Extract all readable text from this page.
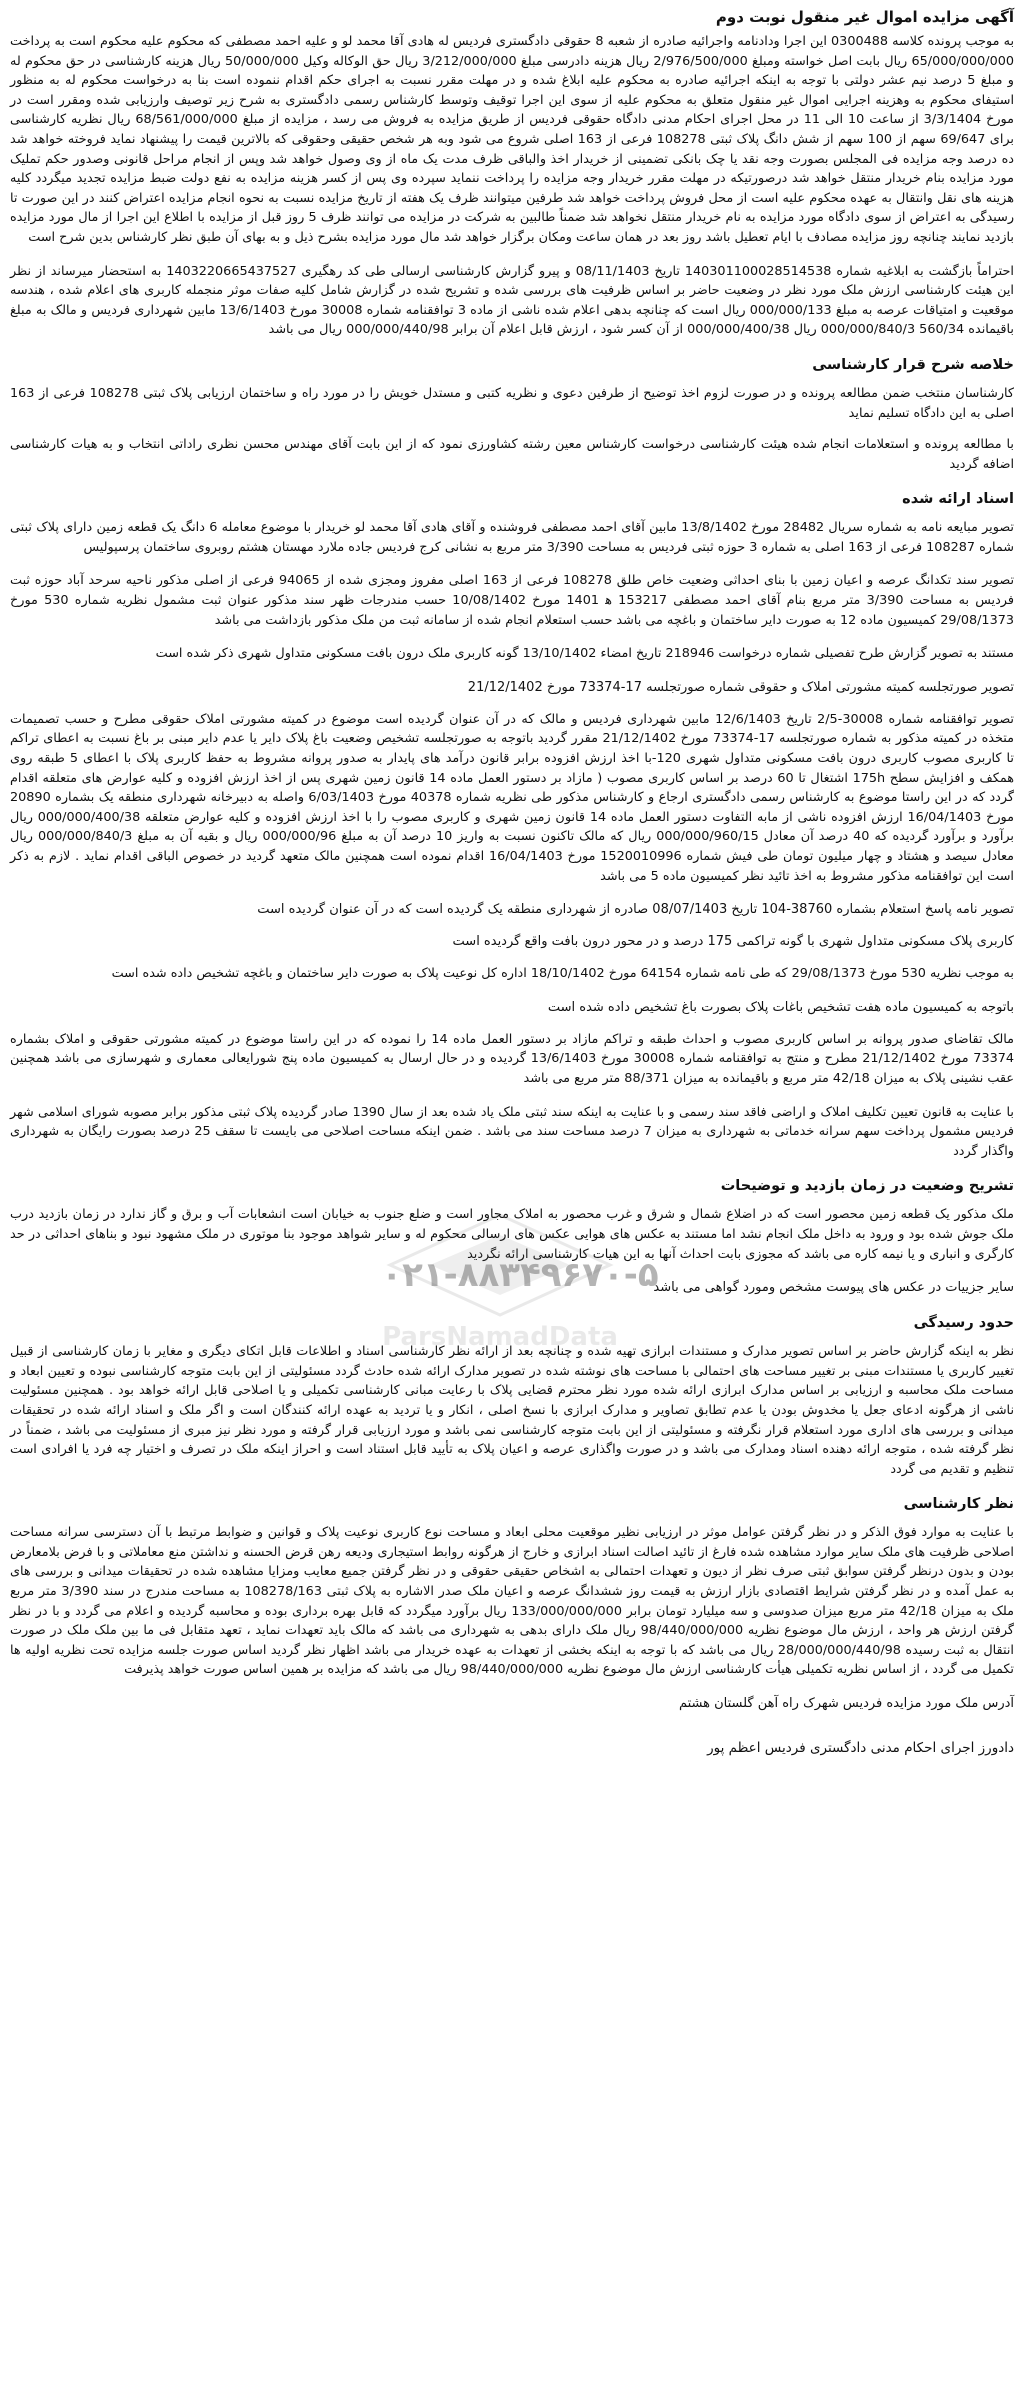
آگهی مزایده اموال غیر منقول نوبت دوم
به موجب پرونده کلاسه 0300488 این اجرا ودادنامه واجرائیه صادره از شعبه 8 حقوقی دادگستری فردیس له هادی آقا محمد لو و علیه احمد مصطفی که محکوم علیه محکوم است به پرداخت 65/000/000/000 ریال بابت اصل خواسته ومبلغ 2/976/500/000 ریال هزینه دادرسی مبلغ 3/212/000/000 ریال حق الوکاله وکیل 50/000/000 ریال هزینه کارشناسی در حق محکوم له و مبلغ 5 درصد نیم عشر دولتی با توجه به اینکه اجرائیه صادره به محکوم علیه ابلاغ شده و در مهلت مقرر نسبت به اجرای حکم اقدام ننموده است بنا به درخواست محکوم له به منظور استیفای محکوم به وهزینه اجرایی اموال غیر منقول متعلق به محکوم علیه از سوی این اجرا توقیف وتوسط کارشناس رسمی دادگستری به شرح زیر توصیف وارزیابی شده ومقرر است در مورخ 3/3/1404 از ساعت 10 الی 11 در محل اجرای احکام مدنی دادگاه حقوقی فردیس از طریق مزایده به فروش می رسد ، مزایده از مبلغ 68/561/000/000 ریال نظریه کارشناسی برای 69/647 سهم از 100 سهم از شش دانگ پلاک ثبتی 108278 فرعی از 163 اصلی شروع می شود وبه هر شخص حقیقی وحقوقی که بالاترین قیمت را پیشنهاد نماید فروخته خواهد شد ده درصد وجه مزایده فی المجلس بصورت وجه نقد یا چک بانکی تضمینی از خریدار اخذ والباقی ظرف مدت یک ماه از وی وصول خواهد شد وپس از انجام مراحل قانونی وصدور حکم تملیک مورد مزایده بنام خریدار منتقل خواهد شد درصورتیکه در مهلت مقرر خریدار وجه مزایده را پرداخت ننماید سپرده وی پس از کسر هزینه مزایده به نفع دولت ضبط مزایده تجدید میگردد کلیه هزینه های نقل وانتقال به عهده محکوم علیه است از محل فروش پرداخت خواهد شد طرفین میتوانند ظرف یک هفته از تاریخ مزایده نسبت به نحوه انجام مزایده اعتراض کنند در این صورت تا رسیدگی به اعتراض از سوی دادگاه مورد مزایده به نام خریدار منتقل نخواهد شد ضمناً طالبین به شرکت در مزایده می توانند ظرف 5 روز قبل از مزایده با اطلاع این اجرا از مال مورد مزایده بازدید نمایند چنانچه روز مزایده مصادف با ایام تعطیل باشد روز بعد در همان ساعت ومکان برگزار خواهد شد مال مورد مزایده بشرح ذیل و به بهای آن طبق نظر کارشناس بدین شرح است
احتراماً بازگشت به ابلاغیه شماره 140301100028514538 تاریخ 08/11/1403 و پیرو گزارش کارشناسی ارسالی طی کد رهگیری 1403220665437527 به استحضار میرساند از نظر این هیئت کارشناسی ارزش ملک مورد نظر در وضعیت حاضر بر اساس ظرفیت های بررسی شده و تشریح شده در گزارش شامل کلیه صفات موثر منجمله کاربری های اعلام شده ، هندسه موقعیت و امتیاقات عرصه به مبلغ 000/000/133 ریال است که چنانچه بدهی اعلام شده ناشی از ماده 3 توافقنامه شماره 30008 مورخ 13/6/1403 مابین شهرداری فردیس و مالک به مبلغ باقیمانده 560/34 000/000/840/3 ریال 000/000/400/38 از آن کسر شود ، ارزش قابل اعلام آن برابر 000/000/440/98 ریال می باشد
خلاصه شرح قرار کارشناسی
کارشناسان منتخب ضمن مطالعه پرونده و در صورت لزوم اخذ توضیح از طرفین دعوی و نظریه کتبی و مستدل خویش را در مورد راه و ساختمان ارزیابی پلاک ثبتی 108278 فرعی از 163 اصلی به این دادگاه تسلیم نماید
با مطالعه پرونده و استعلامات انجام شده هیئت کارشناسی درخواست کارشناس معین رشته کشاورزی نمود که از این بابت آقای مهندس محسن نظری راداتی انتخاب و به هیات کارشناسی اضافه گردید
اسناد ارائه شده
تصویر مبایعه نامه به شماره سریال 28482 مورخ 13/8/1402 مابین آقای احمد مصطفی فروشنده و آقای هادی آقا محمد لو خریدار با موضوع معامله 6 دانگ یک قطعه زمین دارای پلاک ثبتی شماره 108287 فرعی از 163 اصلی به شماره 3 حوزه ثبتی فردیس به مساحت 3/390 متر مربع به نشانی کرج فردیس جاده ملارد مهستان هشتم روبروی ساختمان پرسپولیس
تصویر سند تکدانگ عرصه و اعیان زمین با بنای احداثی وضعیت خاص طلق 108278 فرعی از 163 اصلی مفروز ومجزی شده از 94065 فرعی از اصلی مذکور ناحیه سرحد آباد حوزه ثبت فردیس به مساحت 3/390 متر مربع بنام آقای احمد مصطفی 153217 ه‍ 1401 مورخ 10/08/1402 حسب مندرجات ظهر سند مذکور عنوان ثبت مشمول نظریه شماره 530 مورخ 29/08/1373 کمیسیون ماده 12 به صورت دایر ساختمان و باغچه می باشد حسب استعلام انجام شده از سامانه ثبت من ملک مذکور بازداشت می باشد
مستند به تصویر گزارش طرح تفصیلی شماره درخواست 218946 تاریخ امضاء 13/10/1402 گونه کاربری ملک درون بافت مسکونی متداول شهری ذکر شده است
تصویر صورتجلسه کمیته مشورتی املاک و حقوقی شماره صورتجلسه 17-73374 مورخ 21/12/1402
تصویر توافقنامه شماره 30008-2/5 تاریخ 12/6/1403 مابین شهرداری فردیس و مالک که در آن عنوان گردیده است موضوع در کمیته مشورتی املاک حقوقی مطرح و حسب تصمیمات متخذه در کمیته مذکور به شماره صورتجلسه 17-73374 مورخ 21/12/1402 مقرر گردید باتوجه به صورتجلسه تشخیص وضعیت باغ پلاک دایر یا عدم دایر مبنی بر باغ نسبت به اعطای تراکم تا کاربری مصوب کاربری درون بافت مسکونی متداول شهری 120-با اخذ ارزش افزوده برابر قانون درآمد های پایدار به صدور پروانه مشروط به حفظ کاربری پلاک با اعطای 5 طبقه روی همکف و افزایش سطح 175h اشتغال تا 60 درصد بر اساس کاربری مصوب ( مازاد بر دستور العمل ماده 14 قانون زمین شهری پس از اخذ ارزش افزوده و کلیه عوارض های متعلقه اقدام گردد که در این راستا موضوع به کارشناس رسمی دادگستری ارجاع و کارشناس مذکور طی نظریه شماره 40378 مورخ 6/03/1403 واصله به دبیرخانه شهرداری منطقه یک بشماره 20890 مورخ 16/04/1403 ارزش افزوده ناشی از مابه التفاوت دستور العمل ماده 14 قانون زمین شهری و کاربری مصوب را با اخذ ارزش افزوده و کلیه عوارض متعلقه 000/000/400/38 ریال برآورد و برآورد گردیده که 40 درصد آن معادل 000/000/960/15 ریال که مالک تاکنون نسبت به واریز 10 درصد آن به مبلغ 000/000/96 ریال و بقیه آن به مبلغ 000/000/840/3 ریال معادل سیصد و هشتاد و چهار میلیون تومان طی فیش شماره 1520010996 مورخ 16/04/1403 اقدام نموده است همچنین مالک متعهد گردید در خصوص الباقی اقدام نماید . لازم به ذکر است این توافقنامه مذکور مشروط به اخذ تائید نظر کمیسیون ماده 5 می باشد
تصویر نامه پاسخ استعلام بشماره 38760-104 تاریخ 08/07/1403 صادره از شهرداری منطقه یک گردیده است که در آن عنوان گردیده است
کاربری پلاک مسکونی متداول شهری با گونه تراکمی 175 درصد و در محور درون بافت واقع گردیده است
به موجب نظریه 530 مورخ 29/08/1373 که طی نامه شماره 64154 مورخ 18/10/1402 اداره کل نوعیت پلاک به صورت دایر ساختمان و باغچه تشخیص داده شده است
باتوجه به کمیسیون ماده هفت تشخیص باغات پلاک بصورت باغ تشخیص داده شده است
مالک تقاضای صدور پروانه بر اساس کاربری مصوب و احداث طبقه و تراکم مازاد بر دستور العمل ماده 14 را نموده که در این راستا موضوع در کمیته مشورتی حقوقی و املاک بشماره 73374 مورخ 21/12/1402 مطرح و منتج به توافقنامه شماره 30008 مورخ 13/6/1403 گردیده و در حال ارسال به کمیسیون ماده پنج شورایعالی معماری و شهرسازی می باشد همچنین عقب نشینی پلاک به میزان 42/18 متر مربع و باقیمانده به میزان 88/371 متر مربع می باشد
با عنایت به قانون تعیین تکلیف املاک و اراضی فاقد سند رسمی و با عنایت به اینکه سند ثبتی ملک یاد شده بعد از سال 1390 صادر گردیده پلاک ثبتی مذکور برابر مصوبه شورای اسلامی شهر فردیس مشمول پرداخت سهم سرانه خدماتی به شهرداری به میزان 7 درصد مساحت سند می باشد . ضمن اینکه مساحت اصلاحی می بایست تا سقف 25 درصد بصورت رایگان به شهرداری واگذار گردد
تشریح وضعیت در زمان بازدید و توضیحات
ملک مذکور یک قطعه زمین محصور است که در اضلاع شمال و شرق و غرب محصور به املاک مجاور است و ضلع جنوب به خیابان است انشعابات آب و برق و گاز ندارد در زمان بازدید درب ملک جوش شده بود و ورود به داخل ملک انجام نشد اما مستند به عکس های هوایی عکس های ارسالی محکوم له و سایر شواهد موجود بنا موتوری در ملک مشهود نبود و بناهای احداثی در حد کارگری و انباری و یا نیمه کاره می باشد که مجوزی بابت احداث آنها به این هیات کارشناسی ارائه نگردید
سایر جزییات در عکس های پیوست مشخص ومورد گواهی می باشد
حدود رسیدگی
نظر به اینکه گزارش حاضر بر اساس تصویر مدارک و مستندات ابرازی تهیه شده و چنانچه بعد از ارائه نظر کارشناسی اسناد و اطلاعات قابل اتکای دیگری و مغایر با زمان کارشناسی از قبیل تغییر کاربری یا مستندات مبنی بر تغییر مساحت های احتمالی با مساحت های نوشته شده در تصویر مدارک ارائه شده حادث گردد مسئولیتی از این بابت متوجه کارشناسی نبوده و تعیین ابعاد و مساحت ملک محاسبه و ارزیابی بر اساس مدارک ابرازی ارائه شده مورد نظر محترم قضایی پلاک با رعایت مبانی کارشناسی تکمیلی و یا اصلاحی قابل ارائه خواهد بود . همچنین مسئولیت ناشی از هرگونه ادعای جعل یا مخدوش بودن یا عدم تطابق تصاویر و مدارک ابرازی با نسخ اصلی ، انکار و یا تردید به عهده ارائه کنندگان است و اگر ملک و اسناد ارائه شده در تحقیقات میدانی و بررسی های اداری مورد استعلام قرار نگرفته و مسئولیتی از این بابت متوجه کارشناسی نمی باشد و مورد ارزیابی قرار گرفته و مورد نظر نیز مبری از مسئولیت می باشد ، ضمناً در نظر گرفته شده ، متوجه ارائه دهنده اسناد ومدارک می باشد و در صورت واگذاری عرصه و اعیان پلاک به تأیید قابل استناد است و احراز اینکه ملک در تصرف و اختیار چه فرد یا افرادی است تنظیم و تقدیم می گردد
نظر کارشناسی
با عنایت به موارد فوق الذکر و در نظر گرفتن عوامل موثر در ارزیابی نظیر موقعیت محلی ابعاد و مساحت نوع کاربری نوعیت پلاک و قوانین و ضوابط مرتبط با آن دسترسی سرانه مساحت اصلاحی ظرفیت های ملک سایر موارد مشاهده شده فارغ از تائید اصالت اسناد ابرازی و خارج از هرگونه روابط استیجاری ودیعه رهن قرض الحسنه و نداشتن منع معاملاتی و با فرض بلامعارض بودن و بدون درنظر گرفتن سوابق ثبتی صرف نظر از دیون و تعهدات احتمالی به اشخاص حقیقی حقوقی و در نظر گرفتن جمیع معایب ومزایا مشاهده شده در تحقیقات میدانی و بررسی های به عمل آمده و در نظر گرفتن شرایط اقتصادی بازار ارزش به قیمت روز ششدانگ عرصه و اعیان ملک صدر الاشاره به پلاک ثبتی 108278/163 به مساحت مندرج در سند 3/390 متر مربع ملک به میزان 42/18 متر مربع میزان صدوسی و سه میلیارد تومان برابر 133/000/000/000 ریال برآورد میگردد که قابل بهره برداری بوده و محاسبه گردیده و اعلام می گردد و با در نظر گرفتن ارزش هر واحد ، ارزش مال موضوع نظریه 98/440/000/000 ریال ملک دارای بدهی به شهرداری می باشد که مالک باید تعهدات نماید ، تعهد متقابل فی ما بین ملک ملک در صورت انتقال به ثبت رسیده 28/000/000/440/98 ریال می باشد که با توجه به اینکه بخشی از تعهدات به عهده خریدار می باشد اظهار نظر گردید اساس صورت جلسه مزایده تحت نظریه اولیه ها تکمیل می گردد ، از اساس نظریه تکمیلی هیأت کارشناسی ارزش مال موضوع نظریه 98/440/000/000 ریال می باشد که مزایده بر همین اساس صورت خواهد پذیرفت
آدرس ملک مورد مزایده فردیس شهرک راه آهن گلستان هشتم
دادورز اجرای احکام مدنی دادگستری فردیس اعظم پور
ParsNamadData
۰۲۱-۸۸۳۴۹۶۷۰-۵
